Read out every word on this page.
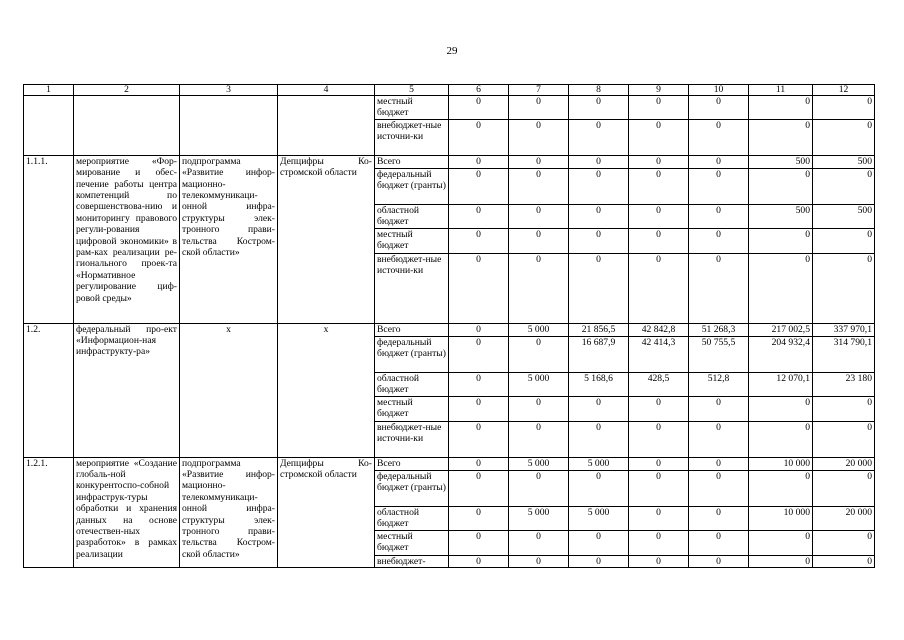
29
1	2	3	4	5	6	7	8	9	10	11	12
				местный бюджет	0	0	0	0	0	0	0
				внебюджет-ные источни-ки	0	0	0	0	0	0	0
1.1.1.	мероприятие «Фор-мирование и обес-печение работы центра компетенций по совершенствова-нию и мониторингу правового регули-рования цифровой экономики» в рам-ках реализации ре-гионального проек-та «Нормативное регулирование циф-ровой среды»	подпрограмма «Развитие инфор-мационно-телекоммуникаци-онной инфра-структуры элек-тронного прави-тельства Костром-ской области»	Депцифры Ко-стромской области	Всего	0	0	0	0	0	500	500
				федеральный бюджет (гранты)	0	0	0	0	0	0	0
				областной бюджет	0	0	0	0	0	500	500
				местный бюджет	0	0	0	0	0	0	0
				внебюджет-ные источни-ки	0	0	0	0	0	0	0
1.2.	федеральный про-ект «Информацион-ная инфраструкту-ра»	х	х	Всего	0	5 000	21 856,5	42 842,8	51 268,3	217 002,5	337 970,1
				федеральный бюджет (гранты)	0	0	16 687,9	42 414,3	50 755,5	204 932,4	314 790,1
				областной бюджет	0	5 000	5 168,6	428,5	512,8	12 070,1	23 180
				местный бюджет	0	0	0	0	0	0	0
				внебюджет-ные источни-ки	0	0	0	0	0	0	0
1.2.1.	мероприятие «Создание глобаль-ной конкурентоспо-собной инфраструк-туры обработки и хранения данных на основе отечествен-ных разработок» в рамках реализации	подпрограмма «Развитие инфор-мационно-телекоммуникаци-онной инфра-структуры элек-тронного прави-тельства Костром-ской области»	Депцифры Ко-стромской области	Всего	0	5 000	5 000	0	0	10 000	20 000
				федеральный бюджет (гранты)	0	0	0	0	0	0	0
				областной бюджет	0	5 000	5 000	0	0	10 000	20 000
				местный бюджет	0	0	0	0	0	0	0
				внебюджет-	0	0	0	0	0	0	0
